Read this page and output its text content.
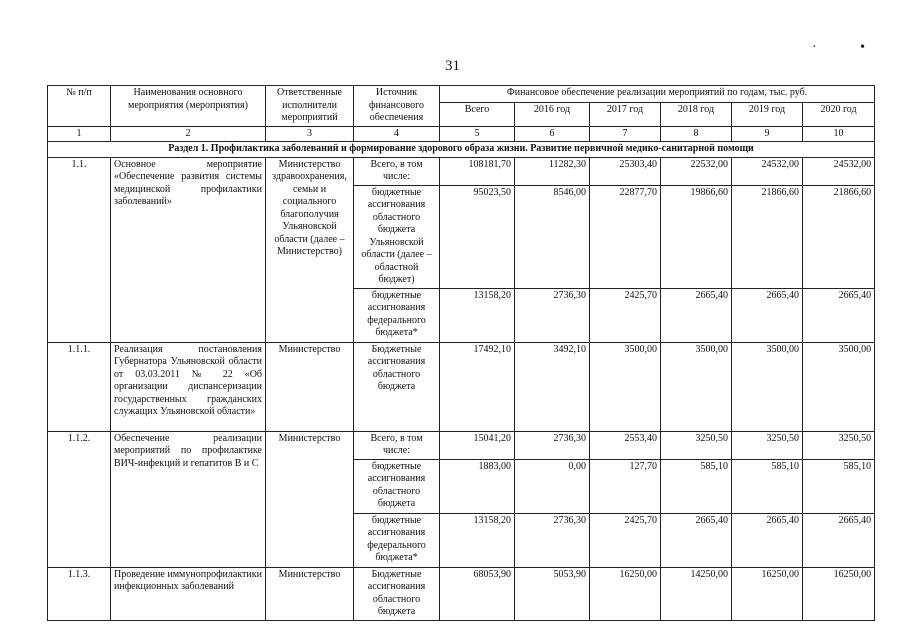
· •
31
№ п/п	Наименования основного мероприятия (мероприятия)	Ответственные исполнители мероприятий	Источник финансового обеспечения	Финансовое обеспечение реализации мероприятий по годам, тыс. руб.					
				Всего	2016 год	2017 год	2018 год	2019 год	2020 год
1	2	3	4	5	6	7	8	9	10
Раздел 1. Профилактика заболеваний и формирование здорового образа жизни. Развитие первичной медико-санитарной помощи									
1.1.	Основное мероприятие «Обеспечение развития системы медицинской профилактики заболеваний»	Министерство здравоохранения, семьи и социального благополучия Ульяновской области (далее – Министерство)	Всего, в том числе:	108181,70	11282,30	25303,40	22532,00	24532,00	24532,00
			бюджетные ассигнования областного бюджета Ульяновской области (далее – областной бюджет)	95023,50	8546,00	22877,70	19866,60	21866,60	21866,60
			бюджетные ассигнования федерального бюджета*	13158,20	2736,30	2425,70	2665,40	2665,40	2665,40
1.1.1.	Реализация постановления Губернатора Ульяновской области от 03.03.2011 № 22 «Об организации диспансеризации государственных гражданских служащих Ульяновской области»	Министерство	Бюджетные ассигнования областного бюджета	17492,10	3492,10	3500,00	3500,00	3500,00	3500,00
1.1.2.	Обеспечение реализации мероприятий по профилактике ВИЧ-инфекций и гепатитов В и С	Министерство	Всего, в том числе:	15041,20	2736,30	2553,40	3250,50	3250,50	3250,50
			бюджетные ассигнования областного бюджета	1883,00	0,00	127,70	585,10	585,10	585,10
			бюджетные ассигнования федерального бюджета*	13158,20	2736,30	2425,70	2665,40	2665,40	2665,40
1.1.3.	Проведение иммунопрофилактики инфекционных заболеваний	Министерство	Бюджетные ассигнования областного бюджета	68053,90	5053,90	16250,00	14250,00	16250,00	16250,00
